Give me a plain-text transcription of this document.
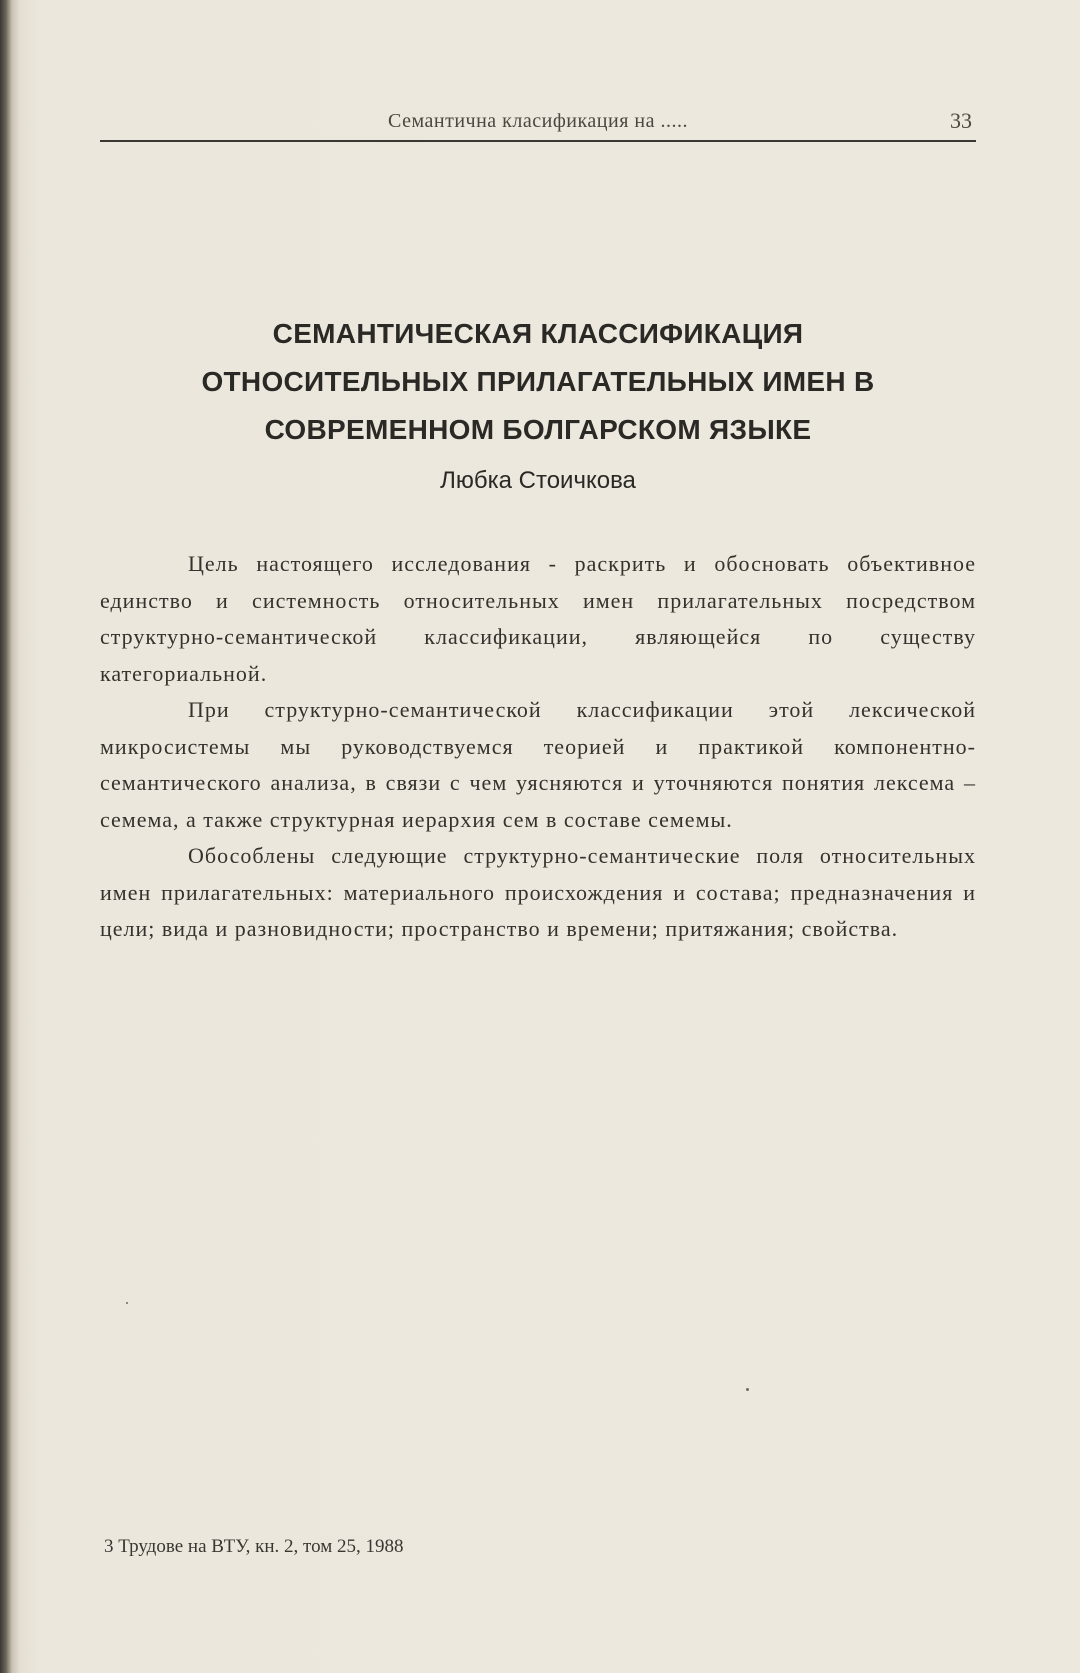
Семантична класификация на .....	33
СЕМАНТИЧЕСКАЯ КЛАССИФИКАЦИЯ
ОТНОСИТЕЛЬНЫХ ПРИЛАГАТЕЛЬНЫХ ИМЕН В
СОВРЕМЕННОМ БОЛГАРСКОМ ЯЗЫКЕ
Любка Стоичкова

Цель настоящего исследования - раскрить и обосновать объективное единство и системность относительных имен прилагательных посредством структурно-семантической классификации, являющейся по существу категориальной.

При структурно-семантической классификации этой лексической микросистемы мы руководствуемся теорией и практикой компонентно-семантического анализа, в связи с чем уясняются и уточняются понятия лексема – семема, а также структурная иерархия сем в составе семемы.

Обособлены следующие структурно-семантические поля относительных имен прилагательных: материального происхождения и состава; предназначения и цели; вида и разновидности; пространство и времени; притяжания; свойства.

3 Трудове на ВТУ, кн. 2, том 25, 1988
